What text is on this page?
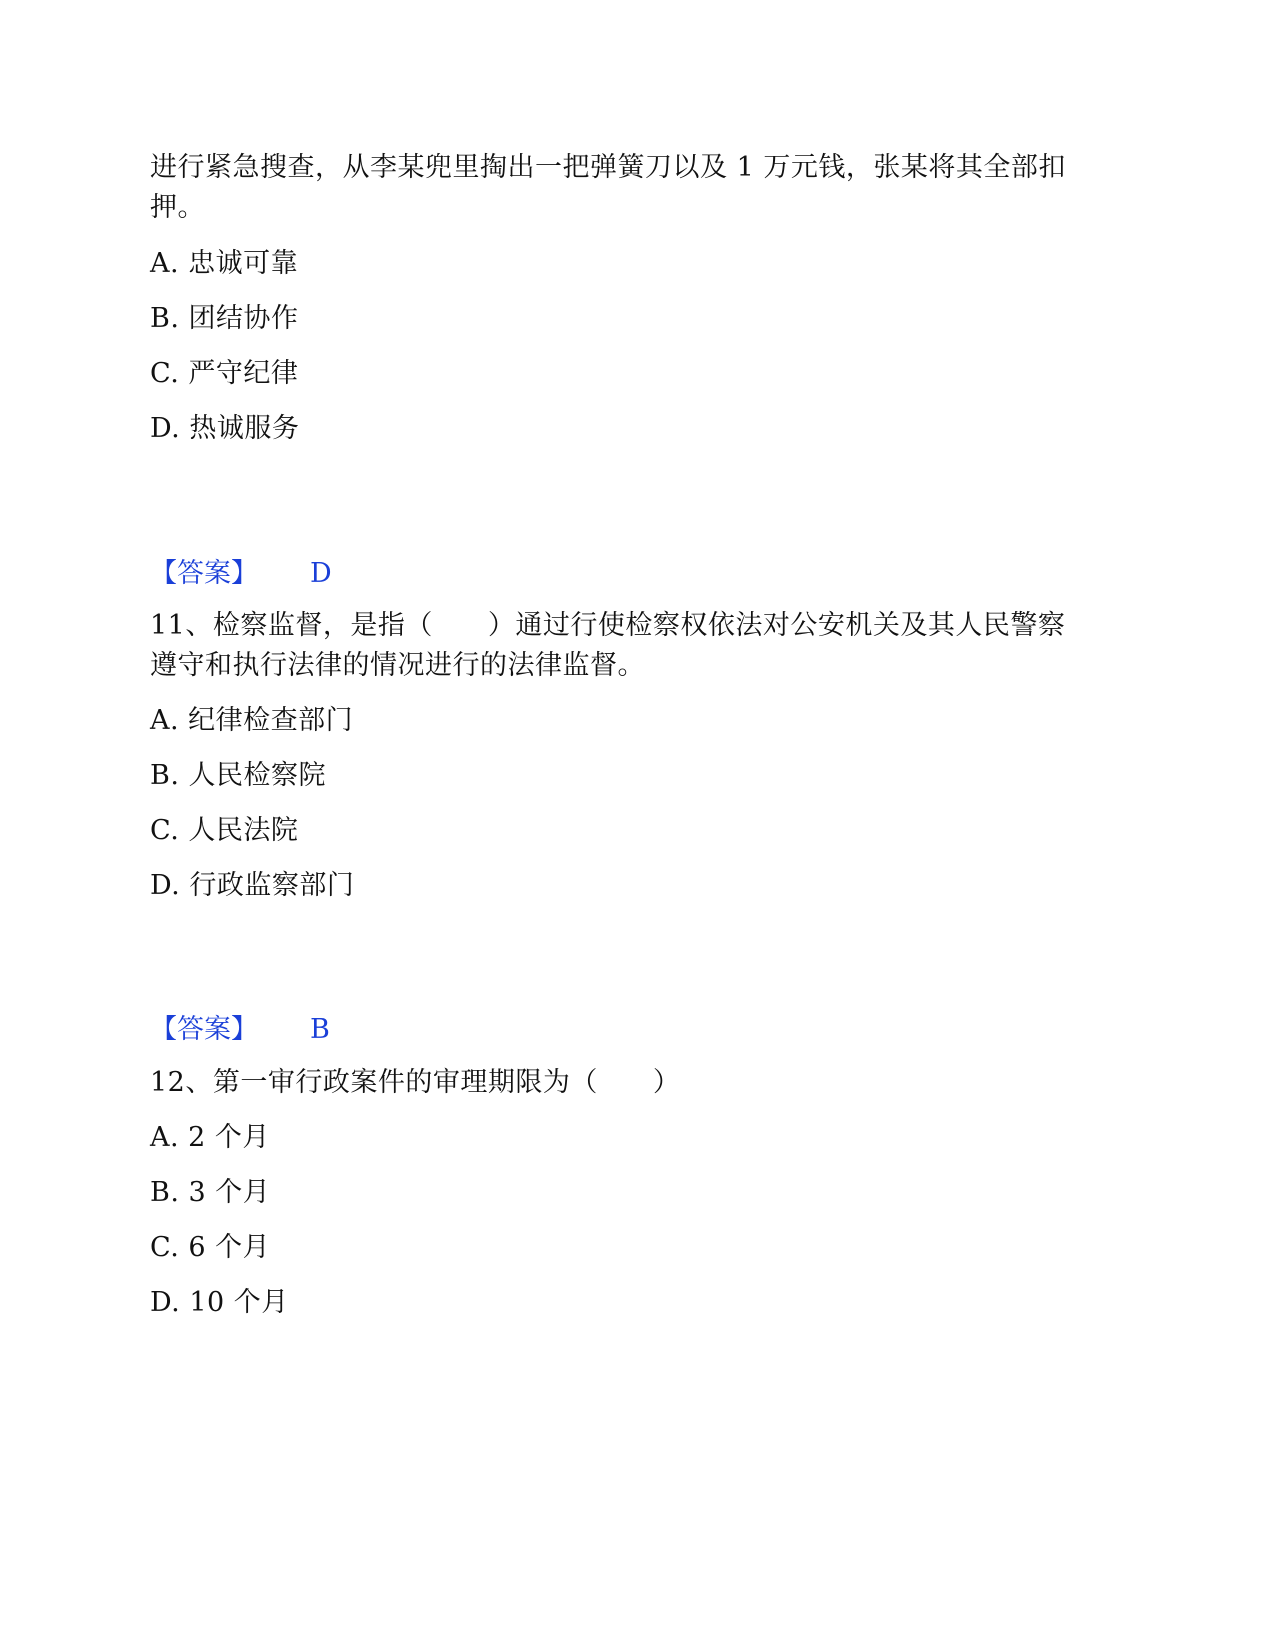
进行紧急搜查，从李某兜里掏出一把弹簧刀以及 1 万元钱，张某将其全部扣
押。
A. 忠诚可靠
B. 团结协作
C. 严守纪律
D. 热诚服务
【答案】 D
11、检察监督，是指（　　）通过行使检察权依法对公安机关及其人民警察
遵守和执行法律的情况进行的法律监督。
A. 纪律检查部门
B. 人民检察院
C. 人民法院
D. 行政监察部门
【答案】 B
12、第一审行政案件的审理期限为（　　）
A. 2 个月
B. 3 个月
C. 6 个月
D. 10 个月
